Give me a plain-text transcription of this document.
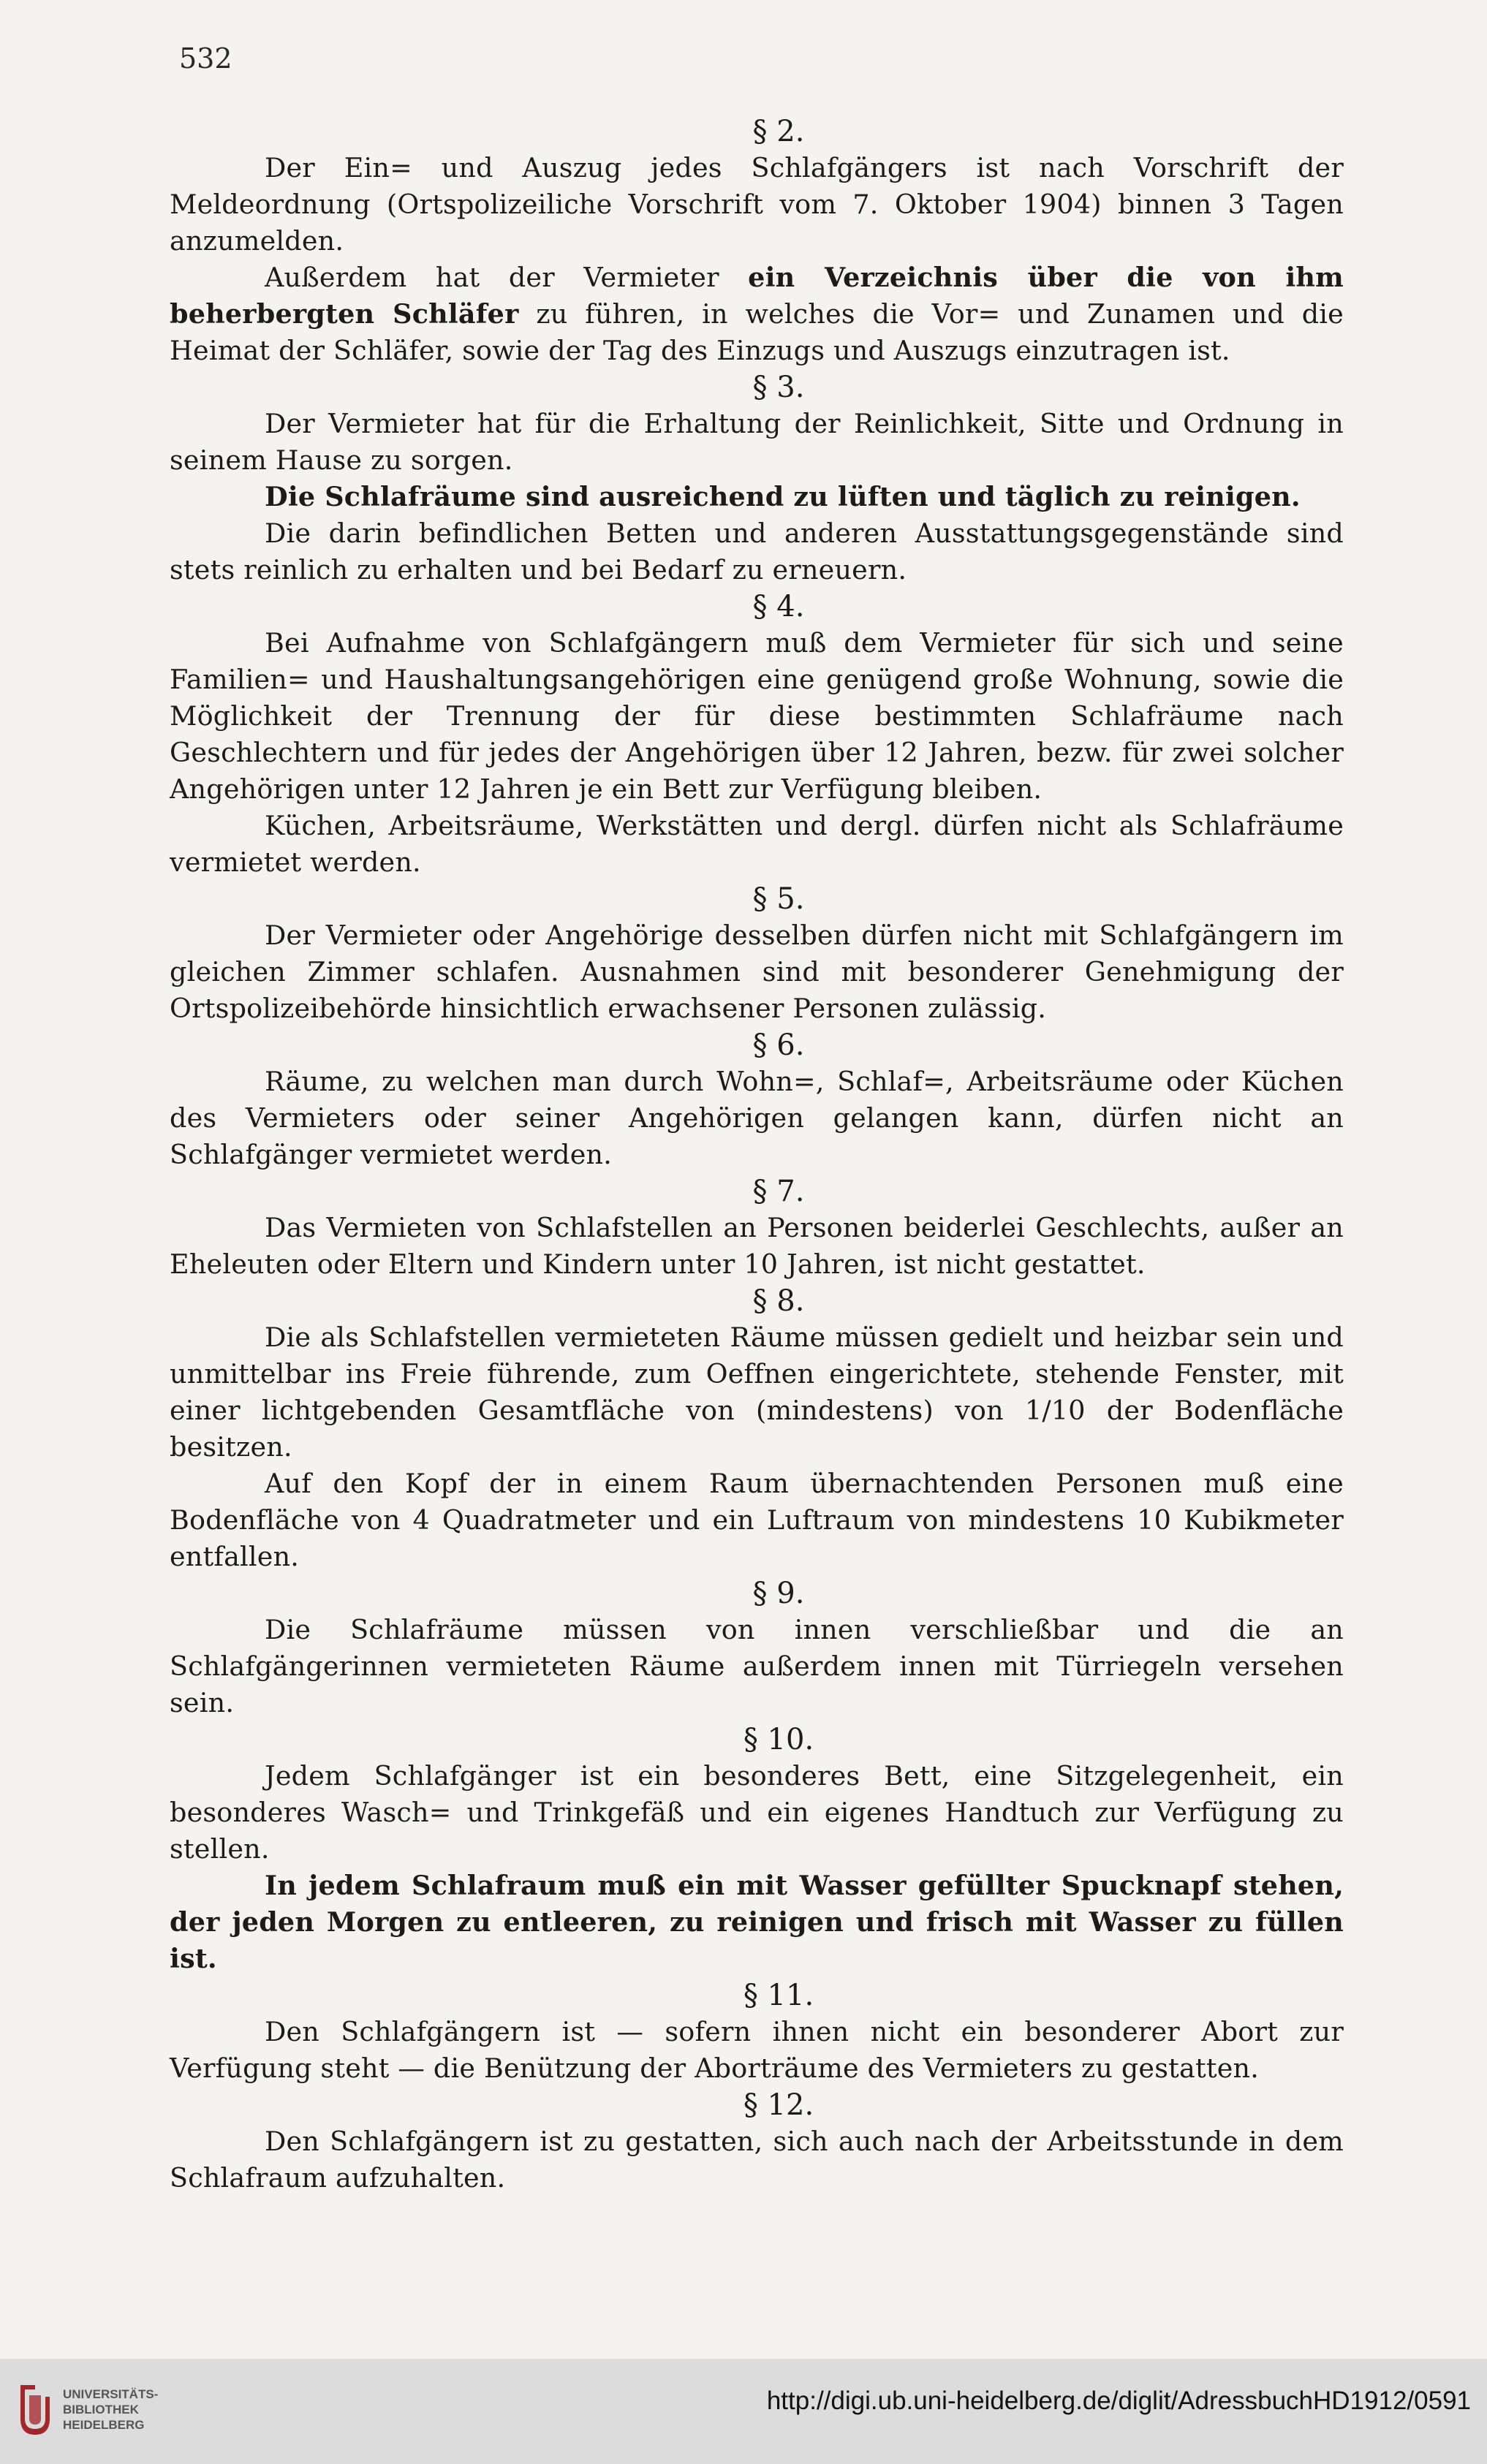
532
§ 2.

Der Ein= und Auszug jedes Schlafgängers ist nach Vorschrift der Meldeordnung (Ortspolizeiliche Vorschrift vom 7. Oktober 1904) binnen 3 Tagen anzumelden.

Außerdem hat der Vermieter ein Verzeichnis über die von ihm beherbergten Schläfer zu führen, in welches die Vor= und Zunamen und die Heimat der Schläfer, sowie der Tag des Einzugs und Auszugs einzutragen ist.

§ 3.

Der Vermieter hat für die Erhaltung der Reinlichkeit, Sitte und Ordnung in seinem Hause zu sorgen.

Die Schlafräume sind ausreichend zu lüften und täglich zu reinigen.

Die darin befindlichen Betten und anderen Ausstattungsgegenstände sind stets reinlich zu erhalten und bei Bedarf zu erneuern.

§ 4.

Bei Aufnahme von Schlafgängern muß dem Vermieter für sich und seine Familien= und Haushaltungsangehörigen eine genügend große Wohnung, sowie die Möglichkeit der Trennung der für diese bestimmten Schlafräume nach Geschlechtern und für jedes der Angehörigen über 12 Jahren, bezw. für zwei solcher Angehörigen unter 12 Jahren je ein Bett zur Verfügung bleiben.

Küchen, Arbeitsräume, Werkstätten und dergl. dürfen nicht als Schlafräume vermietet werden.

§ 5.

Der Vermieter oder Angehörige desselben dürfen nicht mit Schlafgängern im gleichen Zimmer schlafen. Ausnahmen sind mit besonderer Genehmigung der Ortspolizeibehörde hinsichtlich erwachsener Personen zulässig.

§ 6.

Räume, zu welchen man durch Wohn=, Schlaf=, Arbeitsräume oder Küchen des Vermieters oder seiner Angehörigen gelangen kann, dürfen nicht an Schlafgänger vermietet werden.

§ 7.

Das Vermieten von Schlafstellen an Personen beiderlei Geschlechts, außer an Eheleuten oder Eltern und Kindern unter 10 Jahren, ist nicht gestattet.

§ 8.

Die als Schlafstellen vermieteten Räume müssen gedielt und heizbar sein und unmittelbar ins Freie führende, zum Oeffnen eingerichtete, stehende Fenster, mit einer lichtgebenden Gesamtfläche von (mindestens) von 1/10 der Bodenfläche besitzen.

Auf den Kopf der in einem Raum übernachtenden Personen muß eine Bodenfläche von 4 Quadratmeter und ein Luftraum von mindestens 10 Kubikmeter entfallen.

§ 9.

Die Schlafräume müssen von innen verschließbar und die an Schlafgängerinnen vermieteten Räume außerdem innen mit Türriegeln versehen sein.

§ 10.

Jedem Schlafgänger ist ein besonderes Bett, eine Sitzgelegenheit, ein besonderes Wasch= und Trinkgefäß und ein eigenes Handtuch zur Verfügung zu stellen.

In jedem Schlafraum muß ein mit Wasser gefüllter Spucknapf stehen, der jeden Morgen zu entleeren, zu reinigen und frisch mit Wasser zu füllen ist.

§ 11.

Den Schlafgängern ist — sofern ihnen nicht ein besonderer Abort zur Verfügung steht — die Benützung der Aborträume des Vermieters zu gestatten.

§ 12.

Den Schlafgängern ist zu gestatten, sich auch nach der Arbeitsstunde in dem Schlafraum aufzuhalten.

UNIVERSITÄTS-
BIBLIOTHEK
HEIDELBERG
http://digi.ub.uni-heidelberg.de/diglit/AdressbuchHD1912/0591
